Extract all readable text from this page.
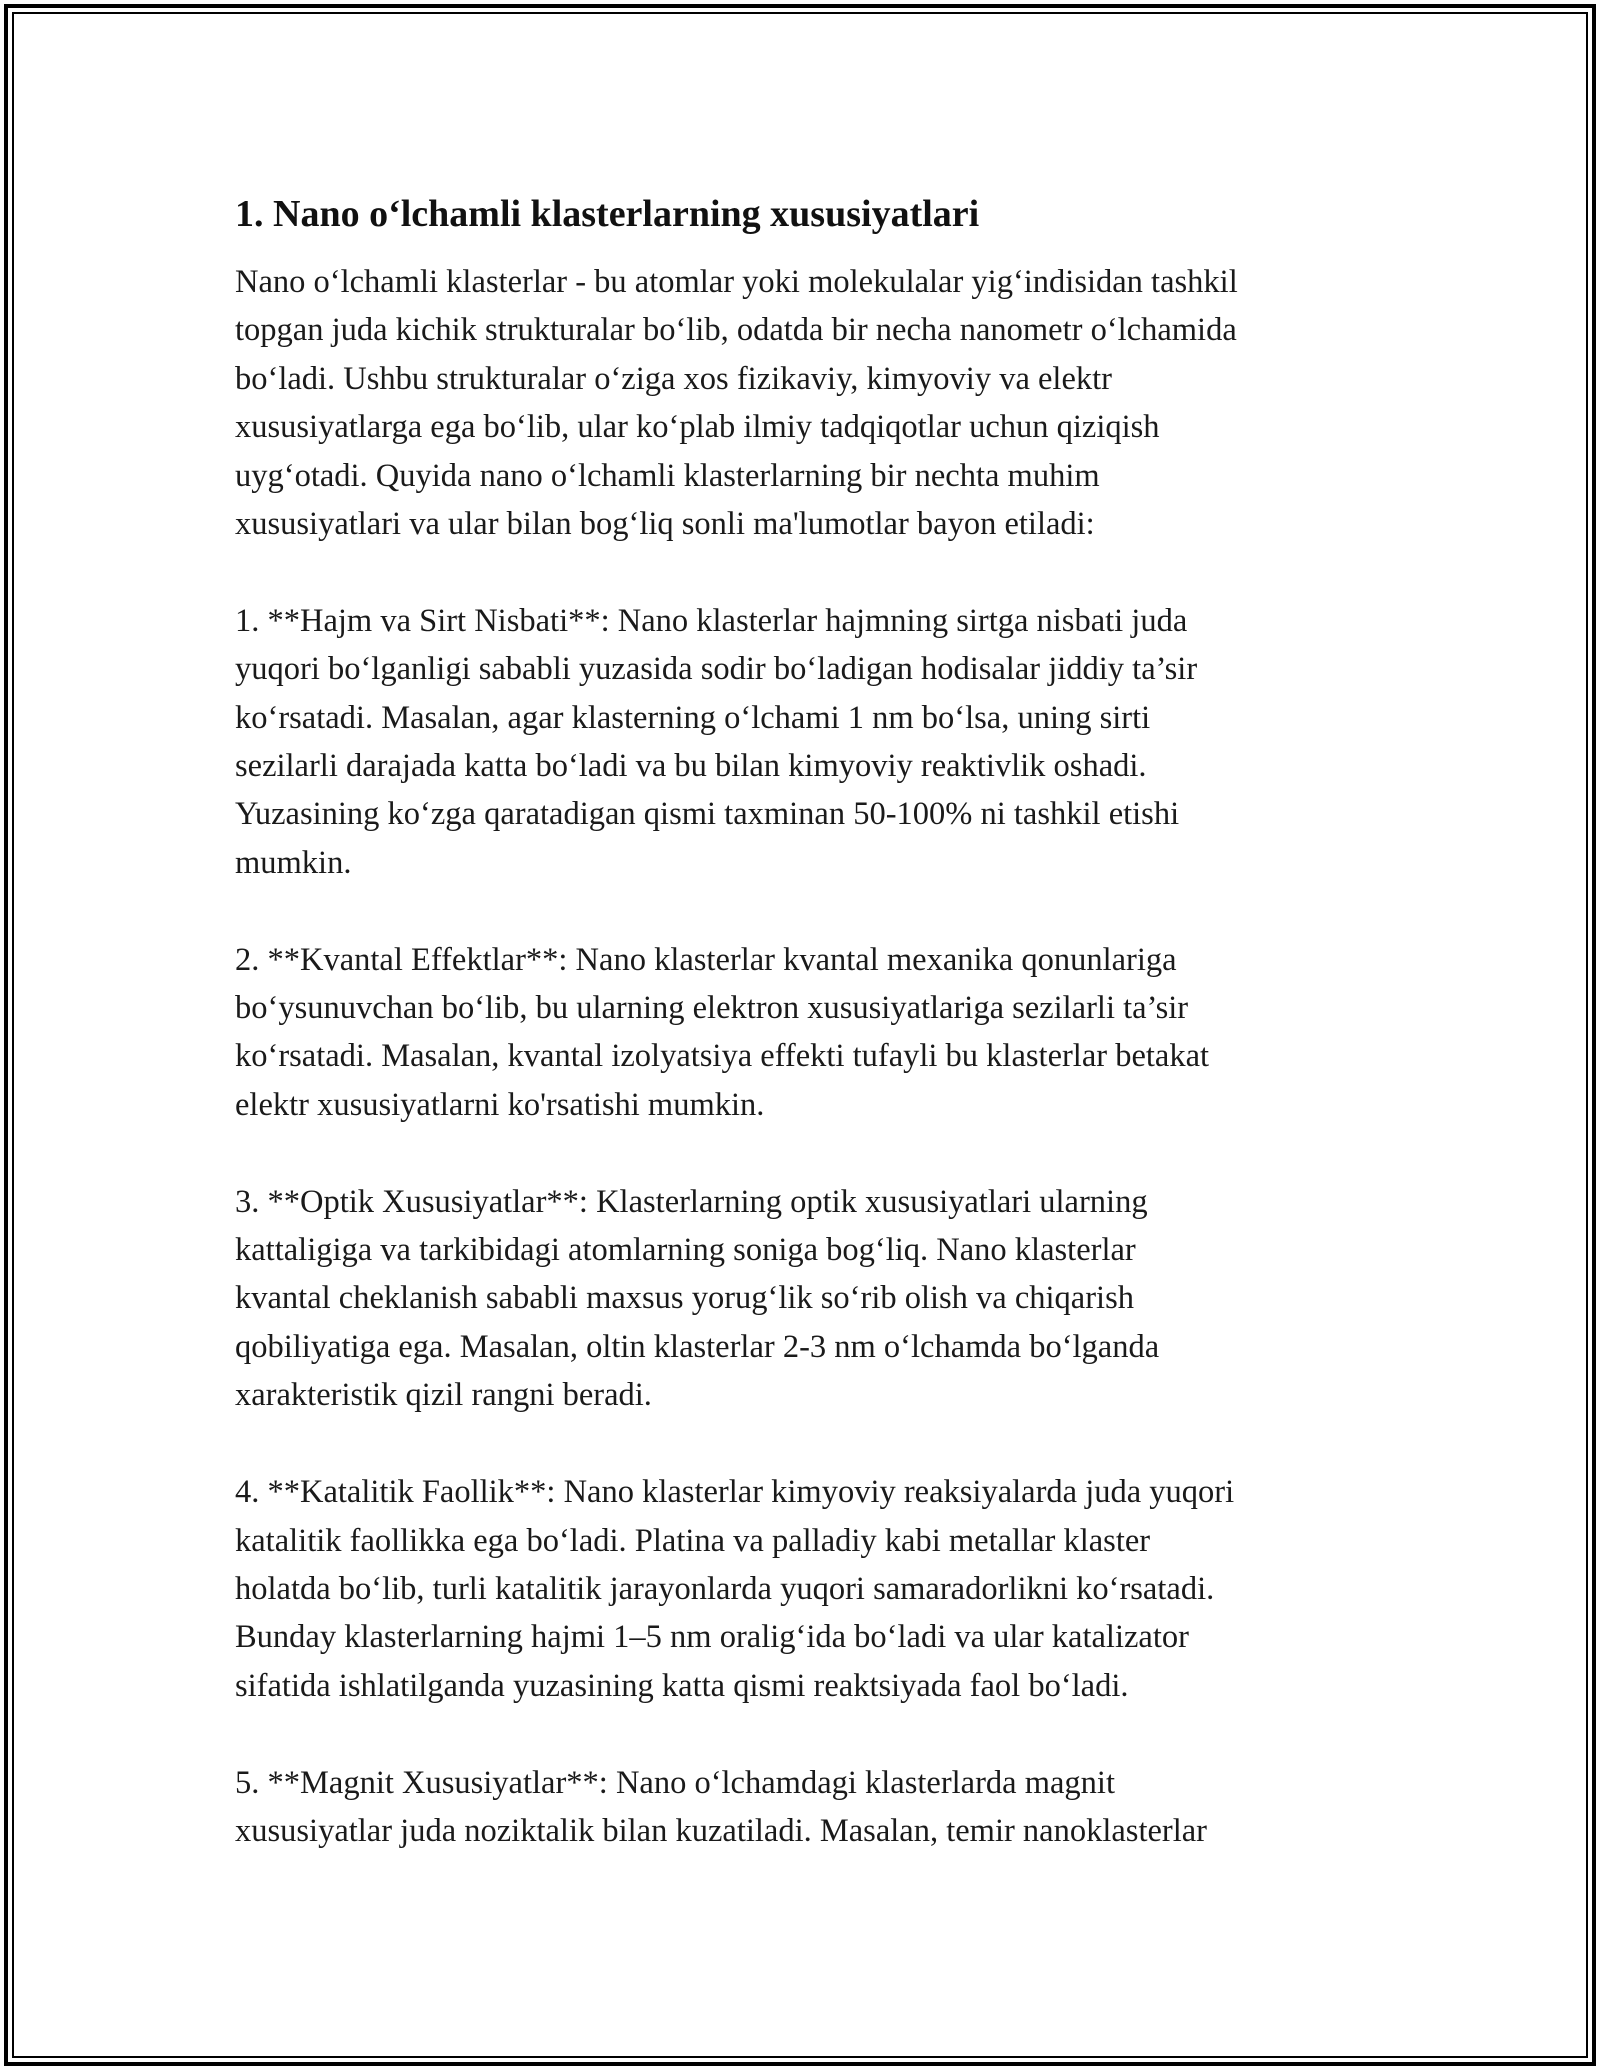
1. Nano o‘lchamli klasterlarning xususiyatlari

Nano o‘lchamli klasterlar - bu atomlar yoki molekulalar yig‘indisidan tashkil
topgan juda kichik strukturalar bo‘lib, odatda bir necha nanometr o‘lchamida
bo‘ladi. Ushbu strukturalar o‘ziga xos fizikaviy, kimyoviy va elektr
xususiyatlarga ega bo‘lib, ular ko‘plab ilmiy tadqiqotlar uchun qiziqish
uyg‘otadi. Quyida nano o‘lchamli klasterlarning bir nechta muhim
xususiyatlari va ular bilan bog‘liq sonli ma'lumotlar bayon etiladi:

1. **Hajm va Sirt Nisbati**: Nano klasterlar hajmning sirtga nisbati juda
yuqori bo‘lganligi sababli yuzasida sodir bo‘ladigan hodisalar jiddiy ta’sir
ko‘rsatadi. Masalan, agar klasterning o‘lchami 1 nm bo‘lsa, uning sirti
sezilarli darajada katta bo‘ladi va bu bilan kimyoviy reaktivlik oshadi.
Yuzasining ko‘zga qaratadigan qismi taxminan 50-100% ni tashkil etishi
mumkin.

2. **Kvantal Effektlar**: Nano klasterlar kvantal mexanika qonunlariga
bo‘ysunuvchan bo‘lib, bu ularning elektron xususiyatlariga sezilarli ta’sir
ko‘rsatadi. Masalan, kvantal izolyatsiya effekti tufayli bu klasterlar betakat
elektr xususiyatlarni ko'rsatishi mumkin.

3. **Optik Xususiyatlar**: Klasterlarning optik xususiyatlari ularning
kattaligiga va tarkibidagi atomlarning soniga bog‘liq. Nano klasterlar
kvantal cheklanish sababli maxsus yorug‘lik so‘rib olish va chiqarish
qobiliyatiga ega. Masalan, oltin klasterlar 2-3 nm o‘lchamda bo‘lganda
xarakteristik qizil rangni beradi.

4. **Katalitik Faollik**: Nano klasterlar kimyoviy reaksiyalarda juda yuqori
katalitik faollikka ega bo‘ladi. Platina va palladiy kabi metallar klaster
holatda bo‘lib, turli katalitik jarayonlarda yuqori samaradorlikni ko‘rsatadi.
Bunday klasterlarning hajmi 1–5 nm oralig‘ida bo‘ladi va ular katalizator
sifatida ishlatilganda yuzasining katta qismi reaktsiyada faol bo‘ladi.

5. **Magnit Xususiyatlar**: Nano o‘lchamdagi klasterlarda magnit
xususiyatlar juda noziktalik bilan kuzatiladi. Masalan, temir nanoklasterlar
